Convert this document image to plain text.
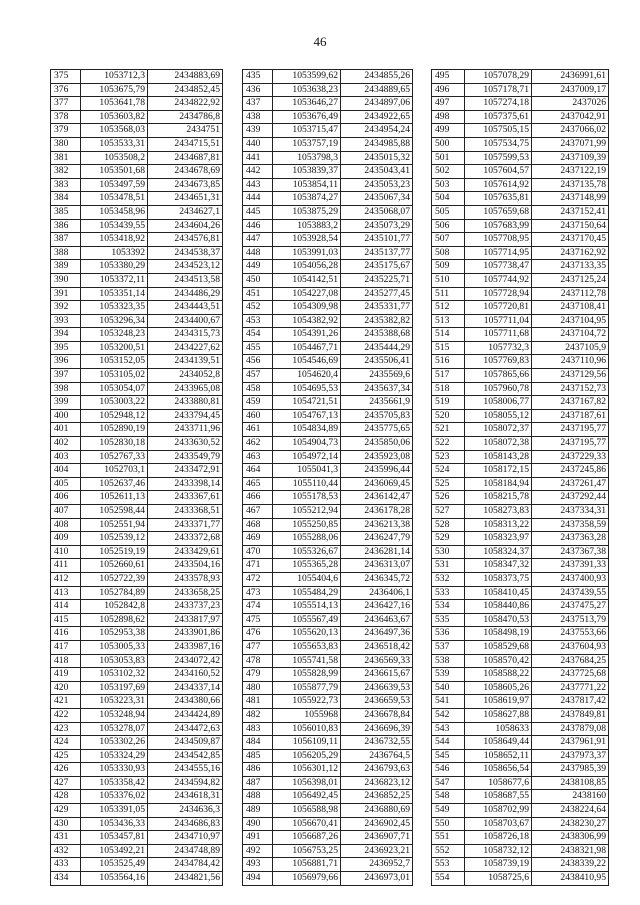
46
375	1053712,3	2434883,69
376	1053675,79	2434852,45
377	1053641,78	2434822,92
378	1053603,82	2434786,8
379	1053568,03	2434751
380	1053533,31	2434715,51
381	1053508,2	2434687,81
382	1053501,68	2434678,69
383	1053497,59	2434673,85
384	1053478,51	2434651,31
385	1053458,96	2434627,1
386	1053439,55	2434604,26
387	1053418,92	2434576,81
388	1053392	2434538,37
389	1053380,29	2434523,12
390	1053372,11	2434513,58
391	1053351,14	2434486,29
392	1053323,35	2434443,51
393	1053296,34	2434400,67
394	1053248,23	2434315,73
395	1053200,51	2434227,62
396	1053152,05	2434139,51
397	1053105,02	2434052,8
398	1053054,07	2433965,08
399	1053003,22	2433880,81
400	1052948,12	2433794,45
401	1052890,19	2433711,96
402	1052830,18	2433630,52
403	1052767,33	2433549,79
404	1052703,1	2433472,91
405	1052637,46	2433398,14
406	1052611,13	2433367,61
407	1052598,44	2433368,51
408	1052551,94	2433371,77
409	1052539,12	2433372,68
410	1052519,19	2433429,61
411	1052660,61	2433504,16
412	1052722,39	2433578,93
413	1052784,89	2433658,25
414	1052842,8	2433737,23
415	1052898,62	2433817,97
416	1052953,38	2433901,86
417	1053005,33	2433987,16
418	1053053,83	2434072,42
419	1053102,32	2434160,52
420	1053197,69	2434337,14
421	1053223,31	2434380,66
422	1053248,94	2434424,89
423	1053278,07	2434472,63
424	1053302,26	2434509,87
425	1053324,29	2434542,85
426	1053330,93	2434555,16
427	1053358,42	2434594,82
428	1053376,02	2434618,31
429	1053391,05	2434636,3
430	1053436,33	2434686,83
431	1053457,81	2434710,97
432	1053492,21	2434748,89
433	1053525,49	2434784,42
434	1053564,16	2434821,56
435	1053599,62	2434855,26
436	1053638,23	2434889,65
437	1053646,27	2434897,06
438	1053676,49	2434922,65
439	1053715,47	2434954,24
440	1053757,19	2434985,88
441	1053798,3	2435015,32
442	1053839,37	2435043,41
443	1053854,11	2435053,23
444	1053874,27	2435067,34
445	1053875,29	2435068,07
446	1053883,2	2435073,29
447	1053928,54	2435101,77
448	1053991,03	2435137,77
449	1054056,28	2435175,67
450	1054142,51	2435225,71
451	1054227,08	2435277,45
452	1054309,98	2435331,77
453	1054382,92	2435382,82
454	1054391,26	2435388,68
455	1054467,71	2435444,29
456	1054546,69	2435506,41
457	1054620,4	2435569,6
458	1054695,53	2435637,34
459	1054721,51	2435661,9
460	1054767,13	2435705,83
461	1054834,89	2435775,65
462	1054904,73	2435850,06
463	1054972,14	2435923,08
464	1055041,3	2435996,44
465	1055110,44	2436069,45
466	1055178,53	2436142,47
467	1055212,94	2436178,28
468	1055250,85	2436213,38
469	1055288,06	2436247,79
470	1055326,67	2436281,14
471	1055365,28	2436313,07
472	1055404,6	2436345,72
473	1055484,29	2436406,1
474	1055514,13	2436427,16
475	1055567,49	2436463,67
476	1055620,13	2436497,36
477	1055653,83	2436518,42
478	1055741,58	2436569,33
479	1055828,99	2436615,67
480	1055877,79	2436639,53
481	1055922,73	2436659,53
482	1055968	2436678,84
483	1056010,83	2436696,39
484	1056109,11	2436732,55
485	1056205,29	2436764,5
486	1056301,12	2436793,63
487	1056398,01	2436823,12
488	1056492,45	2436852,25
489	1056588,98	2436880,69
490	1056670,41	2436902,45
491	1056687,26	2436907,71
492	1056753,25	2436923,21
493	1056881,71	2436952,7
494	1056979,66	2436973,01
495	1057078,29	2436991,61
496	1057178,71	2437009,17
497	1057274,18	2437026
498	1057375,61	2437042,91
499	1057505,15	2437066,02
500	1057534,75	2437071,99
501	1057599,53	2437109,39
502	1057604,57	2437122,19
503	1057614,92	2437135,78
504	1057635,81	2437148,99
505	1057659,68	2437152,41
506	1057683,99	2437150,64
507	1057708,95	2437170,45
508	1057714,95	2437162,92
509	1057738,47	2437133,35
510	1057744,92	2437125,24
511	1057728,94	2437112,78
512	1057720,81	2437108,41
513	1057711,04	2437104,95
514	1057711,68	2437104,72
515	1057732,3	2437105,9
516	1057769,83	2437110,96
517	1057865,66	2437129,56
518	1057960,78	2437152,73
519	1058006,77	2437167,82
520	1058055,12	2437187,61
521	1058072,37	2437195,77
522	1058072,38	2437195,77
523	1058143,28	2437229,33
524	1058172,15	2437245,86
525	1058184,94	2437261,47
526	1058215,78	2437292,44
527	1058273,83	2437334,31
528	1058313,22	2437358,59
529	1058323,97	2437363,28
530	1058324,37	2437367,38
531	1058347,32	2437391,33
532	1058373,75	2437400,93
533	1058410,45	2437439,55
534	1058440,86	2437475,27
535	1058470,53	2437513,79
536	1058498,19	2437553,66
537	1058529,68	2437604,93
538	1058570,42	2437684,25
539	1058588,22	2437725,68
540	1058605,26	2437771,22
541	1058619,97	2437817,42
542	1058627,88	2437849,81
543	1058633	2437879,08
544	1058649,44	2437961,91
545	1058652,11	2437973,37
546	1058656,54	2437985,39
547	1058677,6	2438108,85
548	1058687,55	2438160
549	1058702,99	2438224,64
550	1058703,67	2438230,27
551	1058726,18	2438306,99
552	1058732,12	2438321,98
553	1058739,19	2438339,22
554	1058725,6	2438410,95
